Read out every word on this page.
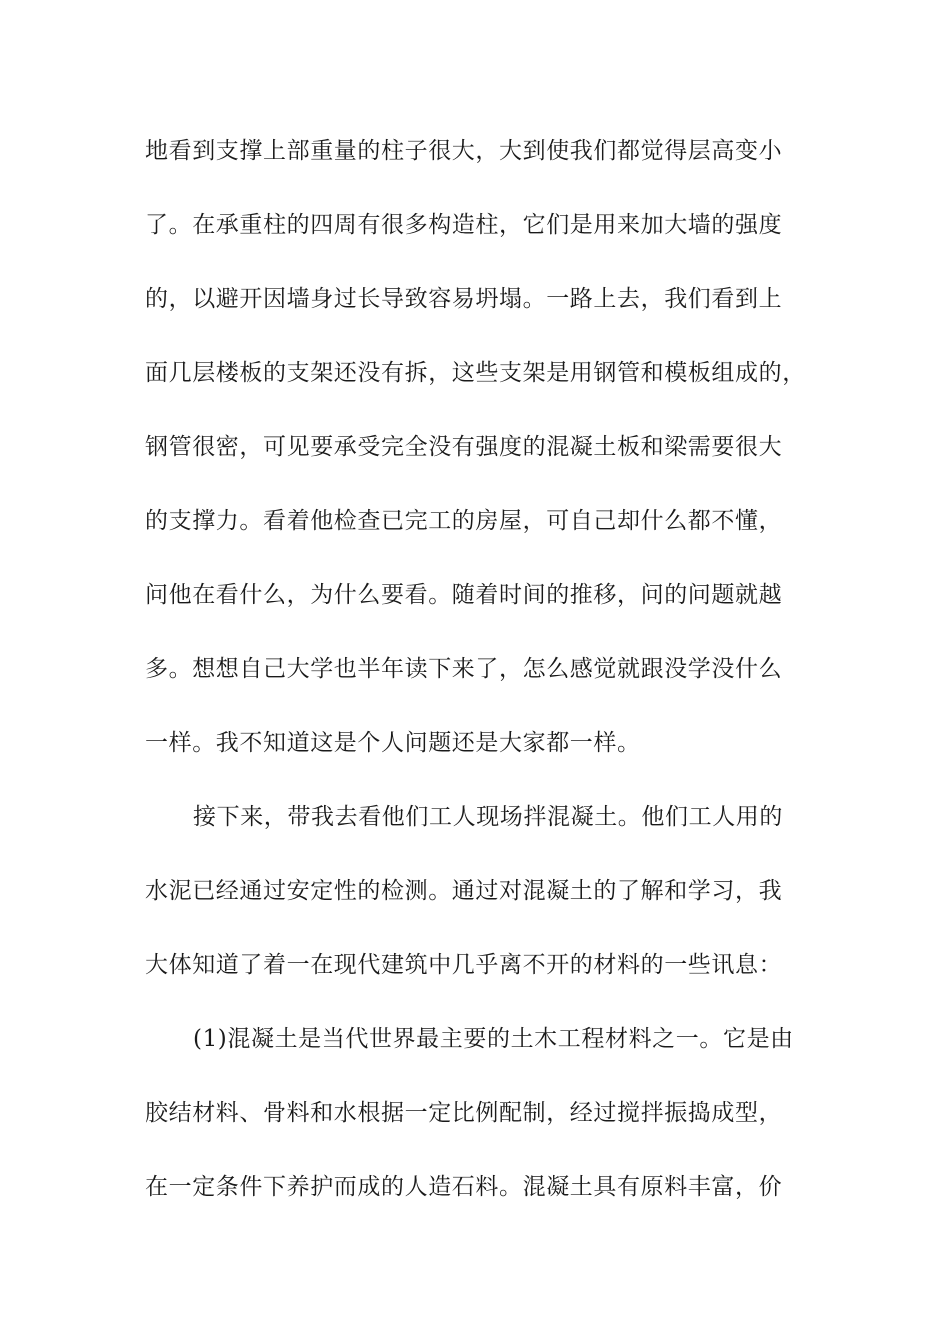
地看到支撑上部重量的柱子很大，大到使我们都觉得层高变小
了。在承重柱的四周有很多构造柱，它们是用来加大墙的强度
的，以避开因墙身过长导致容易坍塌。一路上去，我们看到上
面几层楼板的支架还没有拆，这些支架是用钢管和模板组成的，
钢管很密，可见要承受完全没有强度的混凝土板和梁需要很大
的支撑力。看着他检查已完工的房屋，可自己却什么都不懂，
问他在看什么，为什么要看。随着时间的推移，问的问题就越
多。想想自己大学也半年读下来了，怎么感觉就跟没学没什么
一样。我不知道这是个人问题还是大家都一样。
接下来，带我去看他们工人现场拌混凝土。他们工人用的
水泥已经通过安定性的检测。通过对混凝土的了解和学习，我
大体知道了着一在现代建筑中几乎离不开的材料的一些讯息：
(1)混凝土是当代世界最主要的土木工程材料之一。它是由
胶结材料、骨料和水根据一定比例配制，经过搅拌振捣成型，
在一定条件下养护而成的人造石料。混凝土具有原料丰富，价
